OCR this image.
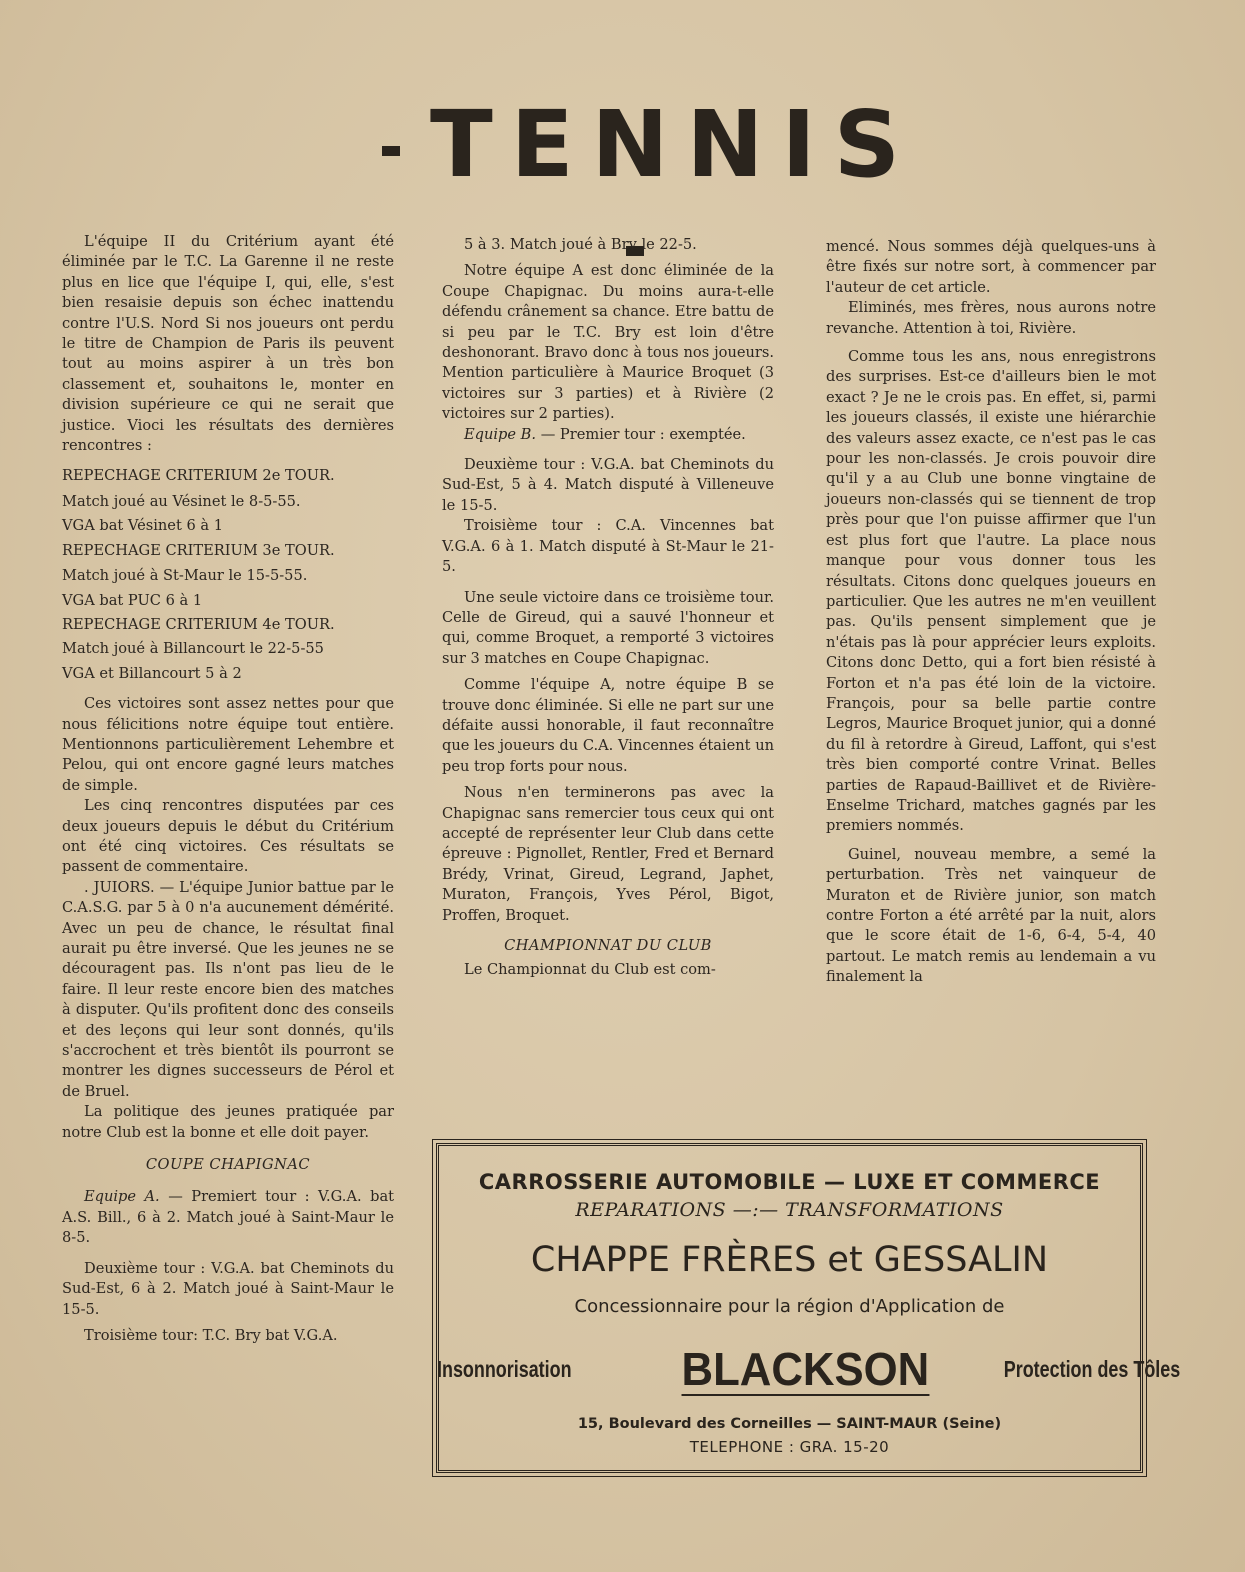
TENNIS

L'équipe II du Critérium ayant été éliminée par le T.C. La Garenne il ne reste plus en lice que l'équipe I, qui, elle, s'est bien resaisie depuis son échec inattendu contre l'U.S. Nord Si nos joueurs ont perdu le titre de Champion de Paris ils peuvent tout au moins aspirer à un très bon classement et, souhaitons le, monter en division supérieure ce qui ne serait que justice. Vioci les résultats des dernières rencontres :

REPECHAGE CRITERIUM 2e TOUR.

Match joué au Vésinet le 8-5-55.

VGA bat Vésinet 6 à 1

REPECHAGE CRITERIUM 3e TOUR.

Match joué à St-Maur le 15-5-55.

VGA bat PUC 6 à 1

REPECHAGE CRITERIUM 4e TOUR.

Match joué à Billancourt le 22-5-55

VGA et Billancourt 5 à 2

Ces victoires sont assez nettes pour que nous félicitions notre équipe tout entière. Mentionnons particulièrement Lehembre et Pelou, qui ont encore gagné leurs matches de simple.

Les cinq rencontres disputées par ces deux joueurs depuis le début du Critérium ont été cinq victoires. Ces résultats se passent de commentaire.

. JUIORS. — L'équipe Junior battue par le C.A.S.G. par 5 à 0 n'a aucunement démérité. Avec un peu de chance, le résultat final aurait pu être inversé. Que les jeunes ne se découragent pas. Ils n'ont pas lieu de le faire. Il leur reste encore bien des matches à disputer. Qu'ils profitent donc des conseils et des leçons qui leur sont donnés, qu'ils s'accrochent et très bientôt ils pourront se montrer les dignes successeurs de Pérol et de Bruel.

La politique des jeunes pratiquée par notre Club est la bonne et elle doit payer.

COUPE CHAPIGNAC

Equipe A. — Premiert tour : V.G.A. bat A.S. Bill., 6 à 2. Match joué à Saint-Maur le 8-5.

Deuxième tour : V.G.A. bat Cheminots du Sud-Est, 6 à 2. Match joué à Saint-Maur le 15-5.

Troisième tour: T.C. Bry bat V.G.A.

5 à 3. Match joué à Bry le 22-5.

Notre équipe A est donc éliminée de la Coupe Chapignac. Du moins aura-t-elle défendu crânement sa chance. Etre battu de si peu par le T.C. Bry est loin d'être deshonorant. Bravo donc à tous nos joueurs. Mention particulière à Maurice Broquet (3 victoires sur 3 parties) et à Rivière (2 victoires sur 2 parties).

Equipe B. — Premier tour : exemptée.

Deuxième tour : V.G.A. bat Cheminots du Sud-Est, 5 à 4. Match disputé à Villeneuve le 15-5.

Troisième tour : C.A. Vincennes bat V.G.A. 6 à 1. Match disputé à St-Maur le 21-5.

Une seule victoire dans ce troisième tour. Celle de Gireud, qui a sauvé l'honneur et qui, comme Broquet, a remporté 3 victoires sur 3 matches en Coupe Chapignac.

Comme l'équipe A, notre équipe B se trouve donc éliminée. Si elle ne part sur une défaite aussi honorable, il faut reconnaître que les joueurs du C.A. Vincennes étaient un peu trop forts pour nous.

Nous n'en terminerons pas avec la Chapignac sans remercier tous ceux qui ont accepté de représenter leur Club dans cette épreuve : Pignollet, Rentler, Fred et Bernard Brédy, Vrinat, Gireud, Legrand, Japhet, Muraton, François, Yves Pérol, Bigot, Proffen, Broquet.

CHAMPIONNAT DU CLUB

Le Championnat du Club est com-

mencé. Nous sommes déjà quelques-uns à être fixés sur notre sort, à commencer par l'auteur de cet article.

Eliminés, mes frères, nous aurons notre revanche. Attention à toi, Rivière.

Comme tous les ans, nous enregistrons des surprises. Est-ce d'ailleurs bien le mot exact ? Je ne le crois pas. En effet, si, parmi les joueurs classés, il existe une hiérarchie des valeurs assez exacte, ce n'est pas le cas pour les non-classés. Je crois pouvoir dire qu'il y a au Club une bonne vingtaine de joueurs non-classés qui se tiennent de trop près pour que l'on puisse affirmer que l'un est plus fort que l'autre. La place nous manque pour vous donner tous les résultats. Citons donc quelques joueurs en particulier. Que les autres ne m'en veuillent pas. Qu'ils pensent simplement que je n'étais pas là pour apprécier leurs exploits. Citons donc Detto, qui a fort bien résisté à Forton et n'a pas été loin de la victoire. François, pour sa belle partie contre Legros, Maurice Broquet junior, qui a donné du fil à retordre à Gireud, Laffont, qui s'est très bien comporté contre Vrinat. Belles parties de Rapaud-Baillivet et de Rivière-Enselme Trichard, matches gagnés par les premiers nommés.

Guinel, nouveau membre, a semé la perturbation. Très net vainqueur de Muraton et de Rivière junior, son match contre Forton a été arrêté par la nuit, alors que le score était de 1-6, 6-4, 5-4, 40 partout. Le match remis au lendemain a vu finalement la

CARROSSERIE AUTOMOBILE — LUXE ET COMMERCE
REPARATIONS —:— TRANSFORMATIONS
CHAPPE FRÈRES et GESSALIN
Concessionnaire pour la région d'Application de
Insonnorisation BLACKSON	Protection des Tôles
15, Boulevard des Corneilles — SAINT-MAUR (Seine)
TELEPHONE : GRA. 15-20
